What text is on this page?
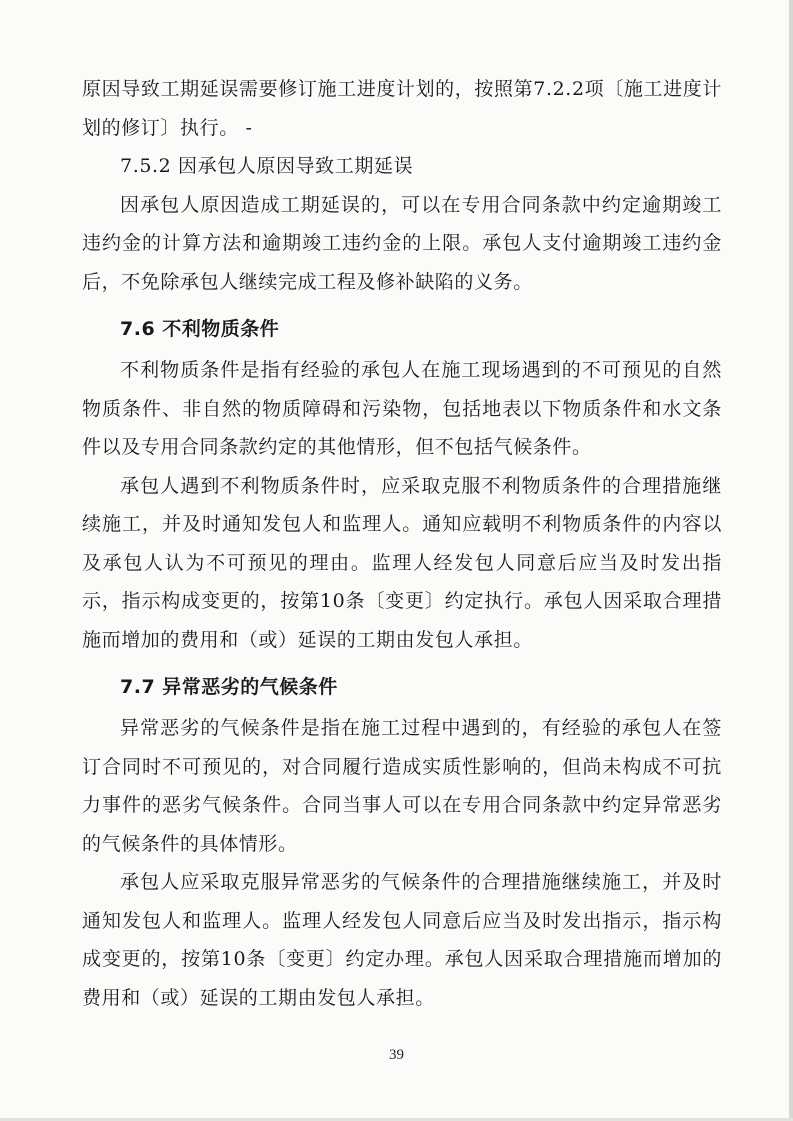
原因导致工期延误需要修订施工进度计划的，按照第7.2.2项〔施工进度计划的修订〕执行。 -

7.5.2 因承包人原因导致工期延误

因承包人原因造成工期延误的，可以在专用合同条款中约定逾期竣工违约金的计算方法和逾期竣工违约金的上限。承包人支付逾期竣工违约金后，不免除承包人继续完成工程及修补缺陷的义务。

7.6 不利物质条件

不利物质条件是指有经验的承包人在施工现场遇到的不可预见的自然物质条件、非自然的物质障碍和污染物，包括地表以下物质条件和水文条件以及专用合同条款约定的其他情形，但不包括气候条件。

承包人遇到不利物质条件时，应采取克服不利物质条件的合理措施继续施工，并及时通知发包人和监理人。通知应载明不利物质条件的内容以及承包人认为不可预见的理由。监理人经发包人同意后应当及时发出指示，指示构成变更的，按第10条〔变更〕约定执行。承包人因采取合理措施而增加的费用和（或）延误的工期由发包人承担。

7.7 异常恶劣的气候条件

异常恶劣的气候条件是指在施工过程中遇到的，有经验的承包人在签订合同时不可预见的，对合同履行造成实质性影响的，但尚未构成不可抗力事件的恶劣气候条件。合同当事人可以在专用合同条款中约定异常恶劣的气候条件的具体情形。

承包人应采取克服异常恶劣的气候条件的合理措施继续施工，并及时通知发包人和监理人。监理人经发包人同意后应当及时发出指示，指示构成变更的，按第10条〔变更〕约定办理。承包人因采取合理措施而增加的费用和（或）延误的工期由发包人承担。

39
